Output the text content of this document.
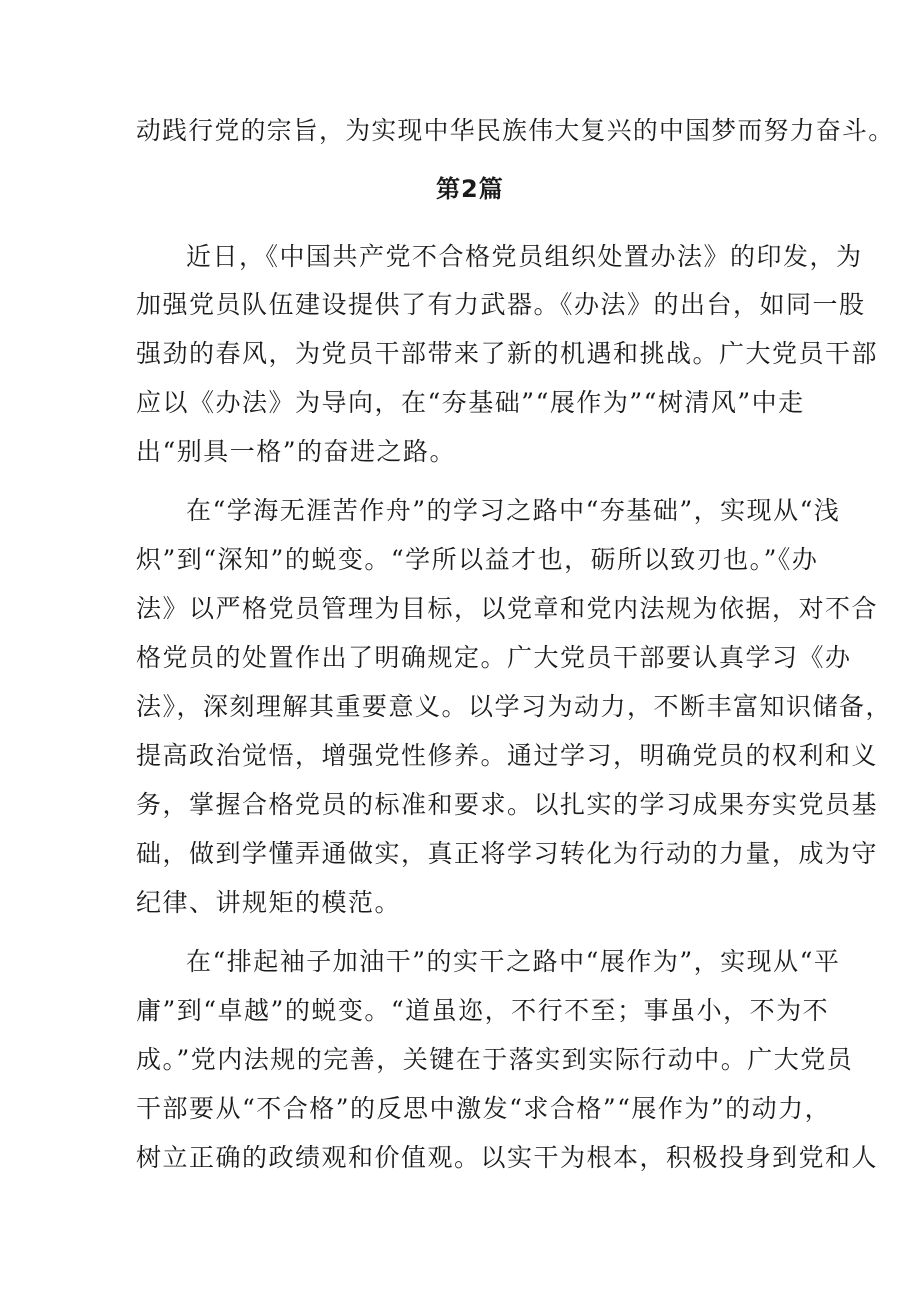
动践行党的宗旨，为实现中华民族伟大复兴的中国梦而努力奋斗。
第2篇
近日，《中国共产党不合格党员组织处置办法》的印发，为
加强党员队伍建设提供了有力武器。《办法》的出台，如同一股
强劲的春风，为党员干部带来了新的机遇和挑战。广大党员干部
应以《办法》为导向，在“夯基础”“展作为”“树清风”中走
出“别具一格”的奋进之路。
在“学海无涯苦作舟”的学习之路中“夯基础”，实现从“浅
炽”到“深知”的蜕变。“学所以益才也，砺所以致刃也。”《办
法》以严格党员管理为目标，以党章和党内法规为依据，对不合
格党员的处置作出了明确规定。广大党员干部要认真学习《办
法》，深刻理解其重要意义。以学习为动力，不断丰富知识储备，
提高政治觉悟，增强党性修养。通过学习，明确党员的权利和义
务，掌握合格党员的标准和要求。以扎实的学习成果夯实党员基
础，做到学懂弄通做实，真正将学习转化为行动的力量，成为守
纪律、讲规矩的模范。
在“排起袖子加油干”的实干之路中“展作为”，实现从“平
庸”到“卓越”的蜕变。“道虽迩，不行不至；事虽小，不为不
成。”党内法规的完善，关键在于落实到实际行动中。广大党员
干部要从“不合格”的反思中激发“求合格”“展作为”的动力，
树立正确的政绩观和价值观。以实干为根本，积极投身到党和人
